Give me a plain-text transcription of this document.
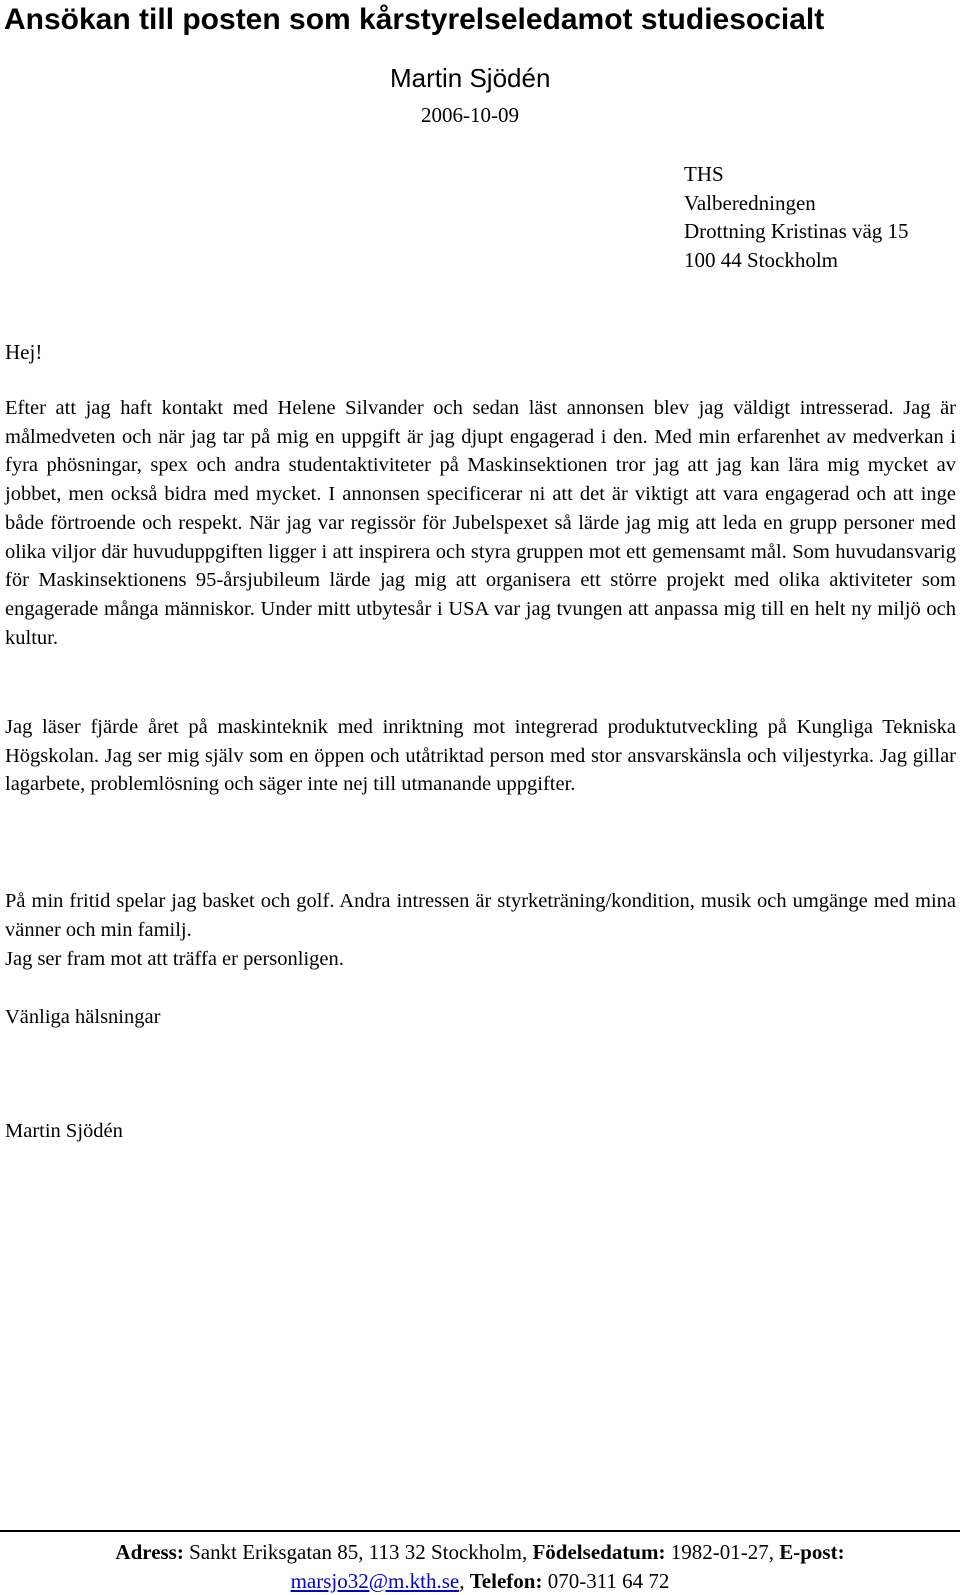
Ansökan till posten som kårstyrelseledamot studiesocialt
Martin Sjödén
2006-10-09
THS
Valberedningen
Drottning Kristinas väg 15
100 44 Stockholm
Hej!

Efter att jag haft kontakt med Helene Silvander och sedan läst annonsen blev jag väldigt intresserad. Jag är målmedveten och när jag tar på mig en uppgift är jag djupt engagerad i den. Med min erfarenhet av medverkan i fyra phösningar, spex och andra studentaktiviteter på Maskinsektionen tror jag att jag kan lära mig mycket av jobbet, men också bidra med mycket. I annonsen specificerar ni att det är viktigt att vara engagerad och att inge både förtroende och respekt. När jag var regissör för Jubelspexet så lärde jag mig att leda en grupp personer med olika viljor där huvuduppgiften ligger i att inspirera och styra gruppen mot ett gemensamt mål. Som huvudansvarig för Maskinsektionens 95-årsjubileum lärde jag mig att organisera ett större projekt med olika aktiviteter som engagerade många människor. Under mitt utbytesår i USA var jag tvungen att anpassa mig till en helt ny miljö och kultur.

Jag läser fjärde året på maskinteknik med inriktning mot integrerad produktutveckling på Kungliga Tekniska Högskolan. Jag ser mig själv som en öppen och utåtriktad person med stor ansvarskänsla och viljestyrka. Jag gillar lagarbete, problemlösning och säger inte nej till utmanande uppgifter.

På min fritid spelar jag basket och golf. Andra intressen är styrketräning/kondition, musik och umgänge med mina vänner och min familj.

Jag ser fram mot att träffa er personligen.

Vänliga hälsningar

Martin Sjödén

Adress: Sankt Eriksgatan 85, 113 32 Stockholm, Födelsedatum: 1982-01-27, E-post:
marsjo32@m.kth.se, Telefon: 070-311 64 72
